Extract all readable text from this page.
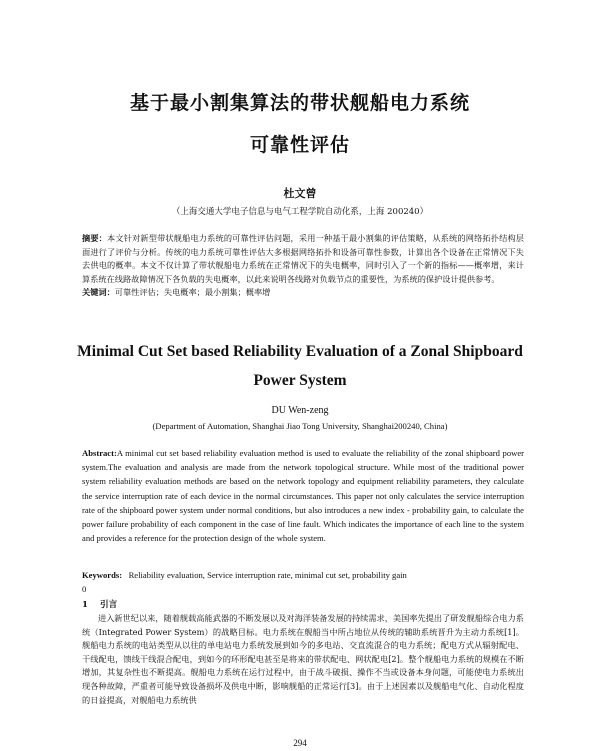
基于最小割集算法的带状舰船电力系统
可靠性评估
杜文曾
（上海交通大学电子信息与电气工程学院自动化系，上海 200240）
摘要：本文针对新型带状舰船电力系统的可靠性评估问题，采用一种基于最小割集的评估策略，从系统的网络拓扑结构层面进行了评价与分析。传统的电力系统可靠性评估大多根据网络拓扑和设备可靠性参数，计算出各个设备在正常情况下失去供电的概率。本文不仅计算了带状舰船电力系统在正常情况下的失电概率，同时引入了一个新的指标——概率增，来计算系统在线路故障情况下各负载的失电概率，以此来说明各线路对负载节点的重要性，为系统的保护设计提供参考。
关键词：可靠性评估；失电概率；最小割集；概率增
Minimal Cut Set based Reliability Evaluation of a Zonal Shipboard
Power System
DU Wen-zeng
(Department of Automation, Shanghai Jiao Tong University, Shanghai200240, China)
Abstract:A minimal cut set based reliability evaluation method is used to evaluate the reliability of the zonal shipboard power system.The evaluation and analysis are made from the network topological structure. While most of the traditional power system reliability evaluation methods are based on the network topology and equipment reliability parameters, they calculate the service interruption rate of each device in the normal circumstances. This paper not only calculates the service interruption rate of the shipboard power system under normal conditions, but also introduces a new index - probability gain, to calculate the power failure probability of each component in the case of line fault. Which indicates the importance of each line to the system and provides a reference for the protection design of the whole system.
Keywords: Reliability evaluation, Service interruption rate, minimal cut set, probability gain
0
1 引言
进入新世纪以来，随着舰载高能武器的不断发展以及对海洋装备发展的持续需求，美国率先提出了研发舰船综合电力系统（Integrated Power System）的战略目标。电力系统在舰船当中所占地位从传统的辅助系统晋升为主动力系统[1]。舰船电力系统的电站类型从以往的单电站电力系统发展到如今的多电站、交直流混合的电力系统；配电方式从辐射配电、干线配电，馈线干线混合配电，到如今的环形配电甚至是将来的带状配电、网状配电[2]。整个舰船电力系统的规模在不断增加，其复杂性也不断提高。舰船电力系统在运行过程中，由于战斗破损、操作不当或设备本身问题，可能使电力系统出现各种故障，严重者可能导致设备损坏及供电中断，影响舰船的正常运行[3]。由于上述因素以及舰船电气化、自动化程度的日益提高，对舰船电力系统供
294
